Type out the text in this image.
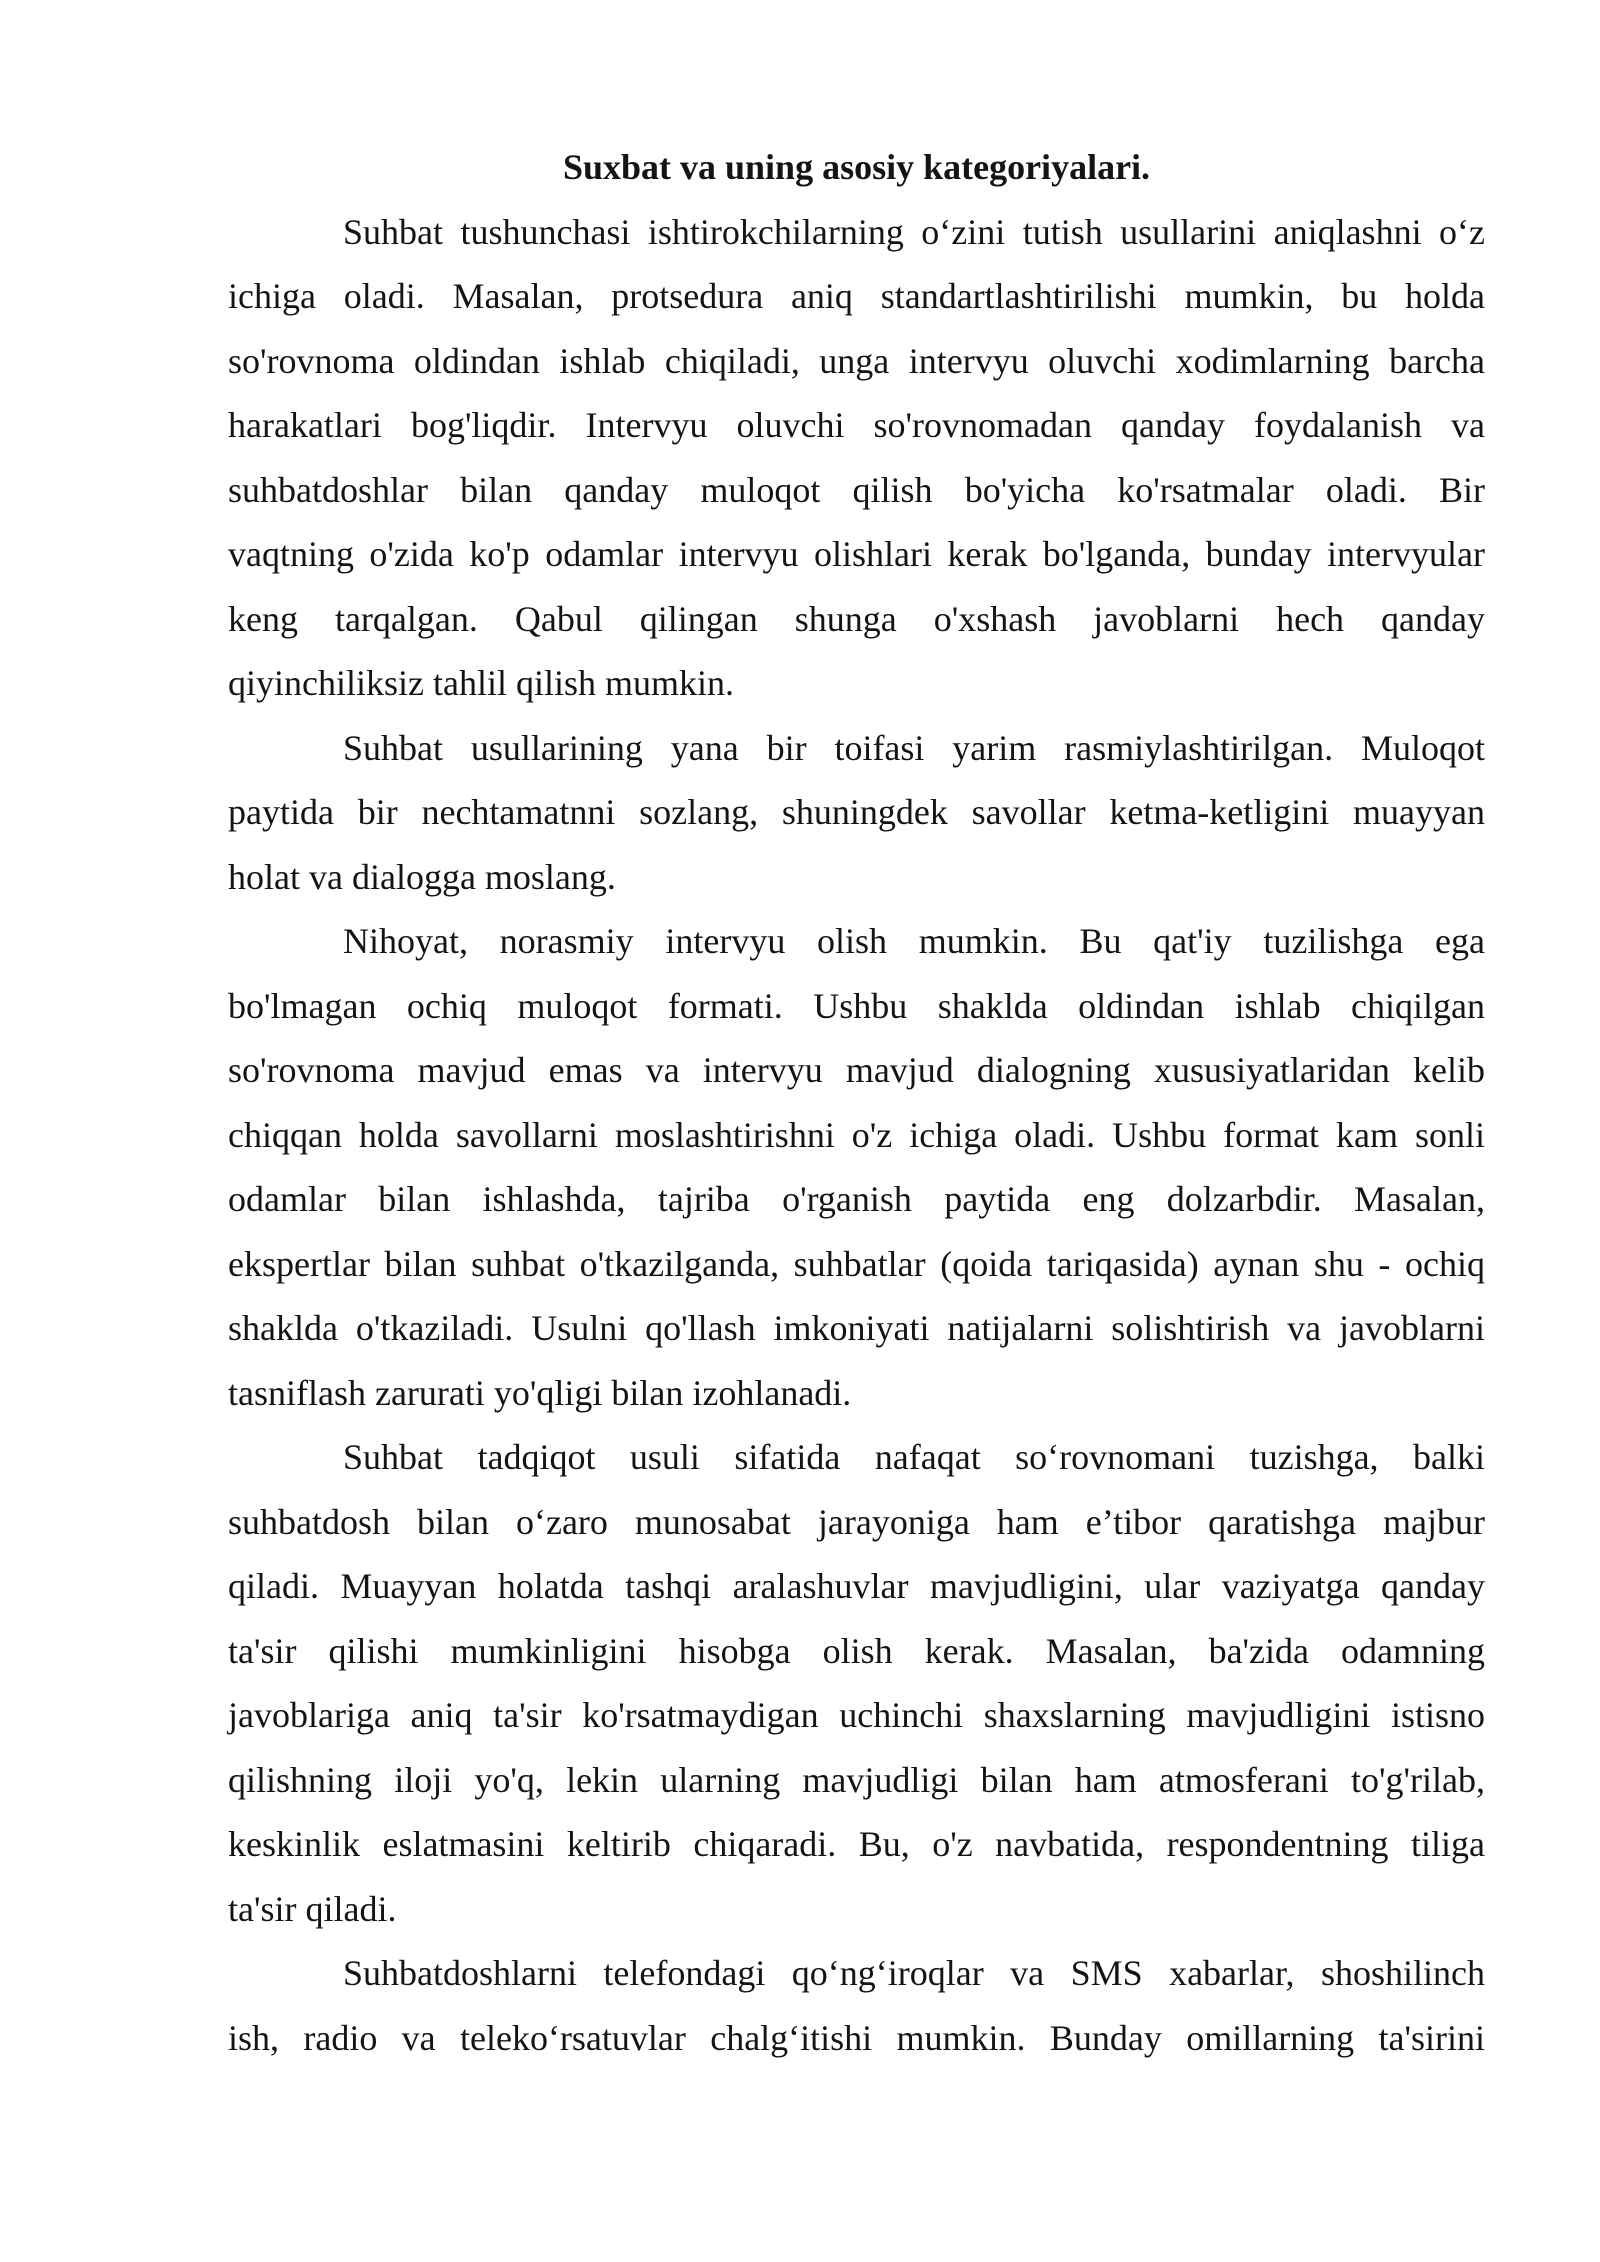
Suxbat va uning asosiy kategoriyalari.
Suhbat tushunchasi ishtirokchilarning oʻzini tutish usullarini aniqlashni oʻz
ichiga oladi. Masalan, protsedura aniq standartlashtirilishi mumkin, bu holda
so'rovnoma oldindan ishlab chiqiladi, unga intervyu oluvchi xodimlarning barcha
harakatlari bog'liqdir. Intervyu oluvchi so'rovnomadan qanday foydalanish va
suhbatdoshlar bilan qanday muloqot qilish bo'yicha ko'rsatmalar oladi. Bir
vaqtning o'zida ko'p odamlar intervyu olishlari kerak bo'lganda, bunday intervyular
keng tarqalgan. Qabul qilingan shunga o'xshash javoblarni hech qanday
qiyinchiliksiz tahlil qilish mumkin.
Suhbat usullarining yana bir toifasi yarim rasmiylashtirilgan. Muloqot
paytida bir nechtamatnni sozlang, shuningdek savollar ketma-ketligini muayyan
holat va dialogga moslang.
Nihoyat, norasmiy intervyu olish mumkin. Bu qat'iy tuzilishga ega
bo'lmagan ochiq muloqot formati. Ushbu shaklda oldindan ishlab chiqilgan
so'rovnoma mavjud emas va intervyu mavjud dialogning xususiyatlaridan kelib
chiqqan holda savollarni moslashtirishni o'z ichiga oladi. Ushbu format kam sonli
odamlar bilan ishlashda, tajriba o'rganish paytida eng dolzarbdir. Masalan,
ekspertlar bilan suhbat o'tkazilganda, suhbatlar (qoida tariqasida) aynan shu - ochiq
shaklda o'tkaziladi. Usulni qo'llash imkoniyati natijalarni solishtirish va javoblarni
tasniflash zarurati yo'qligi bilan izohlanadi.
Suhbat tadqiqot usuli sifatida nafaqat soʻrovnomani tuzishga, balki
suhbatdosh bilan oʻzaro munosabat jarayoniga ham e’tibor qaratishga majbur
qiladi. Muayyan holatda tashqi aralashuvlar mavjudligini, ular vaziyatga qanday
ta'sir qilishi mumkinligini hisobga olish kerak. Masalan, ba'zida odamning
javoblariga aniq ta'sir ko'rsatmaydigan uchinchi shaxslarning mavjudligini istisno
qilishning iloji yo'q, lekin ularning mavjudligi bilan ham atmosferani to'g'rilab,
keskinlik eslatmasini keltirib chiqaradi. Bu, o'z navbatida, respondentning tiliga
ta'sir qiladi.
Suhbatdoshlarni telefondagi qoʻngʻiroqlar va SMS xabarlar, shoshilinch
ish, radio va telekoʻrsatuvlar chalgʻitishi mumkin. Bunday omillarning ta'sirini
